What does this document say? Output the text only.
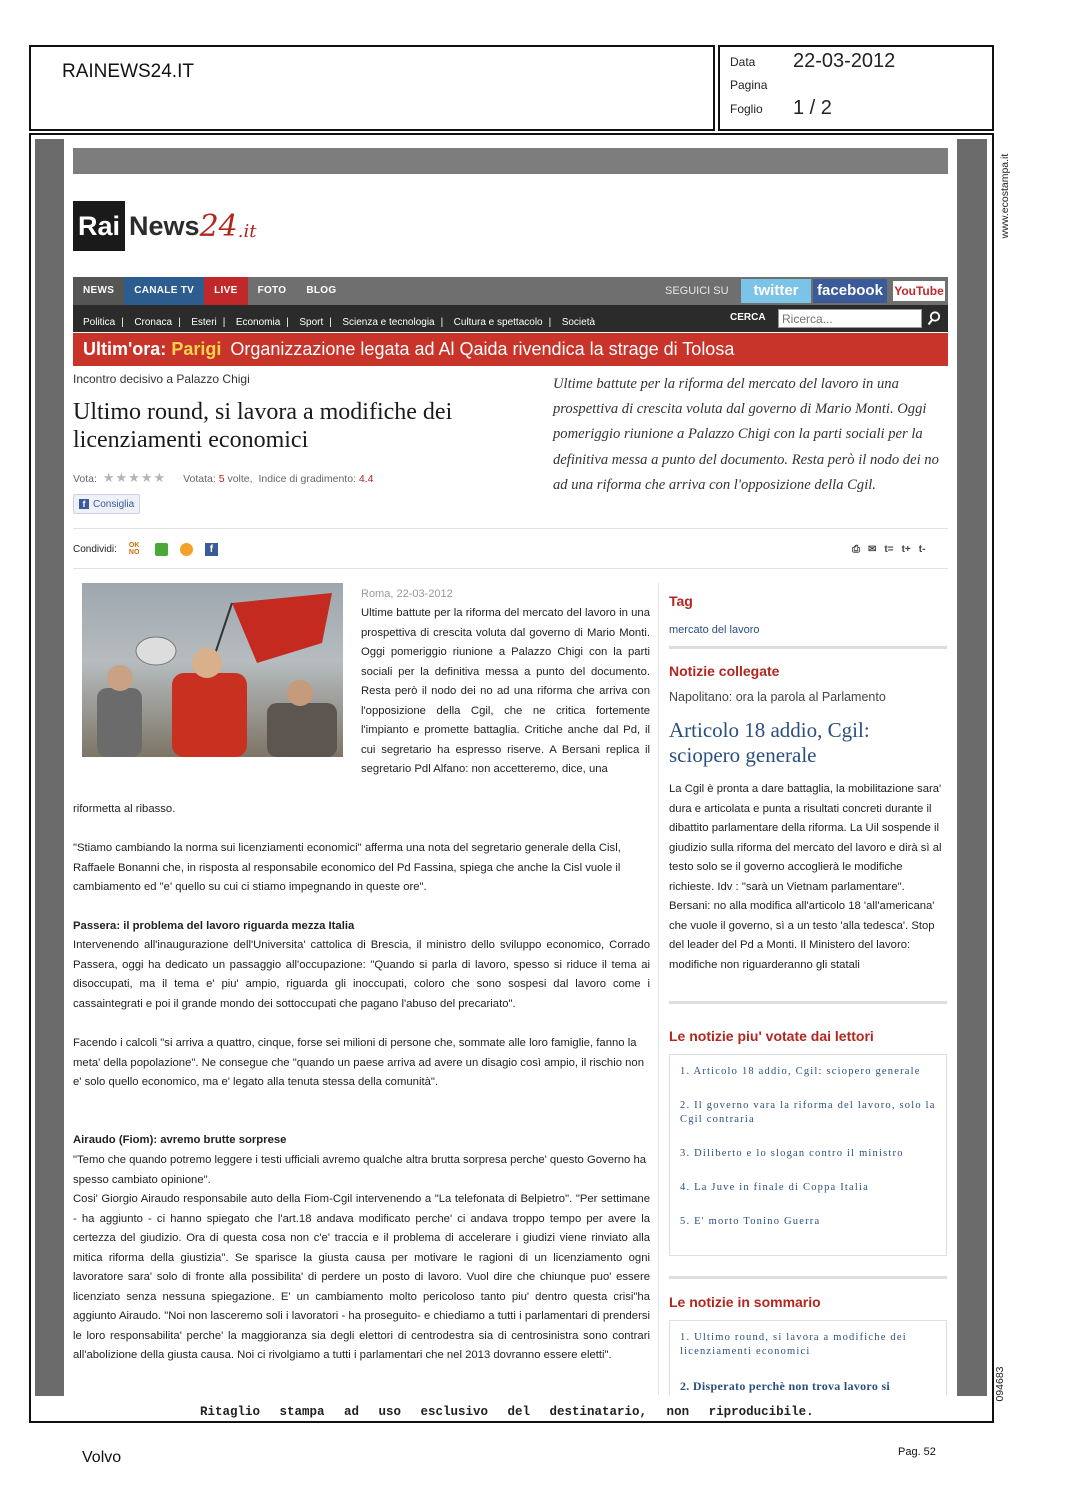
RAINEWS24.IT	Data 22-03-2012
Pagina
Foglio 1 / 2
www.ecostampa.it
094683
Rai News 24 .it
NEWS CANALE TV LIVE FOTO BLOG	SEGUICI SU	twitter	facebook YouTube
Politica | Cronaca | Esteri | Economia | Sport | Scienza e tecnologia | Cultura e spettacolo | Società	CERCA
Ricerca...
Ultim'ora: Parigi Organizzazione legata ad Al Qaida rivendica la strage di Tolosa
Incontro decisivo a Palazzo Chigi
Ultimo round, si lavora a modifiche dei licenziamenti economici
Vota: ★★★★★ Votata: 5 volte, Indice di gradimento: 4.4
f Consiglia
Ultime battute per la riforma del mercato del lavoro in una prospettiva di crescita voluta dal governo di Mario Monti. Oggi pomeriggio riunione a Palazzo Chigi con la parti sociali per la definitiva messa a punto del documento. Resta però il nodo dei no ad una riforma che arriva con l'opposizione della Cgil.
Condividi: OK
NO	f	⎙ ✉ t= t+ t-
Roma, 22-03-2012
Ultime battute per la riforma del mercato del lavoro in una prospettiva di crescita voluta dal governo di Mario Monti. Oggi pomeriggio riunione a Palazzo Chigi con la parti sociali per la definitiva messa a punto del documento. Resta però il nodo dei no ad una riforma che arriva con l'opposizione della Cgil, che ne critica fortemente l'impianto e promette battaglia. Critiche anche dal Pd, il cui segretario ha espresso riserve. A Bersani replica il segretario Pdl Alfano: non accetteremo, dice, una
riformetta al ribasso.
"Stiamo cambiando la norma sui licenziamenti economici" afferma una nota del segretario generale della Cisl, Raffaele Bonanni che, in risposta al responsabile economico del Pd Fassina, spiega che anche la Cisl vuole il cambiamento ed "e' quello su cui ci stiamo impegnando in queste ore".
Passera: il problema del lavoro riguarda mezza Italia
Intervenendo all'inaugurazione dell'Universita' cattolica di Brescia, il ministro dello sviluppo economico, Corrado Passera, oggi ha dedicato un passaggio all'occupazione: "Quando si parla di lavoro, spesso si riduce il tema ai disoccupati, ma il tema e' piu' ampio, riguarda gli inoccupati, coloro che sono sospesi dal lavoro come i cassaintegrati e poi il grande mondo dei sottoccupati che pagano l'abuso del precariato".
Facendo i calcoli "si arriva a quattro, cinque, forse sei milioni di persone che, sommate alle loro famiglie, fanno la meta' della popolazione". Ne consegue che "quando un paese arriva ad avere un disagio così ampio, il rischio non e' solo quello economico, ma e' legato alla tenuta stessa della comunità".
Airaudo (Fiom): avremo brutte sorprese
"Temo che quando potremo leggere i testi ufficiali avremo qualche altra brutta sorpresa perche' questo Governo ha spesso cambiato opinione".
Cosi' Giorgio Airaudo responsabile auto della Fiom-Cgil intervenendo a "La telefonata di Belpietro". "Per settimane - ha aggiunto - ci hanno spiegato che l'art.18 andava modificato perche' ci andava troppo tempo per avere la certezza del giudizio. Ora di questa cosa non c'e' traccia e il problema di accelerare i giudizi viene rinviato alla mitica riforma della giustizia". Se sparisce la giusta causa per motivare le ragioni di un licenziamento ogni lavoratore sara' solo di fronte alla possibilita' di perdere un posto di lavoro. Vuol dire che chiunque puo' essere licenziato senza nessuna spiegazione. E' un cambiamento molto pericoloso tanto piu' dentro questa crisi"ha aggiunto Airaudo. "Noi non lasceremo soli i lavoratori - ha proseguito- e chiediamo a tutti i parlamentari di prendersi le loro responsabilita' perche' la maggioranza sia degli elettori di centrodestra sia di centrosinistra sono contrari all'abolizione della giusta causa. Noi ci rivolgiamo a tutti i parlamentari che nel 2013 dovranno essere eletti".
Tag
mercato del lavoro
Notizie collegate
Napolitano: ora la parola al Parlamento
Articolo 18 addio, Cgil: sciopero generale
La Cgil è pronta a dare battaglia, la mobilitazione sara' dura e articolata e punta a risultati concreti durante il dibattito parlamentare della riforma. La Uil sospende il giudizio sulla riforma del mercato del lavoro e dirà sì al testo solo se il governo accoglierà le modifiche richieste. Idv : "sarà un Vietnam parlamentare". Bersani: no alla modifica all'articolo 18 'all'americana' che vuole il governo, sì a un testo 'alla tedesca'. Stop del leader del Pd a Monti. Il Ministero del lavoro: modifiche non riguarderanno gli statali
Le notizie piu' votate dai lettori
1. Articolo 18 addio, Cgil: sciopero generale
2. Il governo vara la riforma del lavoro, solo la Cgil contraria
3. Diliberto e lo slogan contro il ministro
4. La Juve in finale di Coppa Italia
5. E' morto Tonino Guerra
Le notizie in sommario
1. Ultimo round, si lavora a modifiche dei licenziamenti economici
2. Disperato perchè non trova lavoro si
Ritaglio stampa ad uso esclusivo del destinatario, non riproducibile.
Volvo	Pag. 52
